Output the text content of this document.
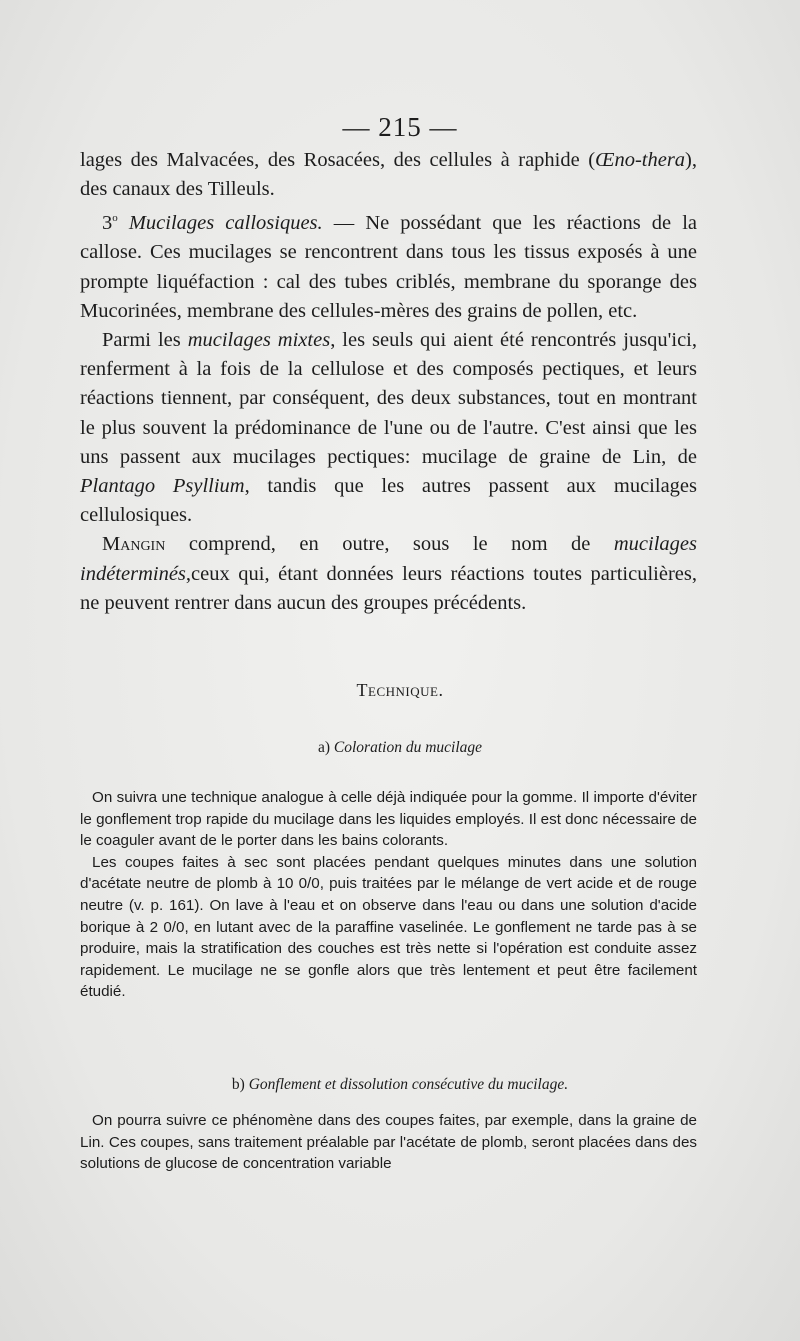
— 215 —

lages des Malvacées, des Rosacées, des cellules à raphide (Œno-thera), des canaux des Tilleuls.

3$^o$ Mucilages callosiques. — Ne possédant que les réactions de la callose. Ces mucilages se rencontrent dans tous les tissus exposés à une prompte liquéfaction : cal des tubes criblés, membrane du sporange des Mucorinées, membrane des cellules-mères des grains de pollen, etc.

Parmi les mucilages mixtes, les seuls qui aient été rencontrés jusqu'ici, renferment à la fois de la cellulose et des composés pectiques, et leurs réactions tiennent, par conséquent, des deux substances, tout en montrant le plus souvent la prédominance de l'une ou de l'autre. C'est ainsi que les uns passent aux mucilages pectiques: mucilage de graine de Lin, de Plantago Psyllium, tandis que les autres passent aux mucilages cellulosiques.

Mangin comprend, en outre, sous le nom de mucilages indéterminés,ceux qui, étant données leurs réactions toutes particulières, ne peuvent rentrer dans aucun des groupes précédents.

Technique.
a) Coloration du mucilage

On suivra une technique analogue à celle déjà indiquée pour la gomme. Il importe d'éviter le gonflement trop rapide du mucilage dans les liquides employés. Il est donc nécessaire de le coaguler avant de le porter dans les bains colorants.

Les coupes faites à sec sont placées pendant quelques minutes dans une solution d'acétate neutre de plomb à 10 0/0, puis traitées par le mélange de vert acide et de rouge neutre (v. p. 161). On lave à l'eau et on observe dans l'eau ou dans une solution d'acide borique à 2 0/0, en lutant avec de la paraffine vaselinée. Le gonflement ne tarde pas à se produire, mais la stratification des couches est très nette si l'opération est conduite assez rapidement. Le mucilage ne se gonfle alors que très lentement et peut être facilement étudié.

b) Gonflement et dissolution consécutive du mucilage.

On pourra suivre ce phénomène dans des coupes faites, par exemple, dans la graine de Lin. Ces coupes, sans traitement préalable par l'acétate de plomb, seront placées dans des solutions de glucose de concentration variable
